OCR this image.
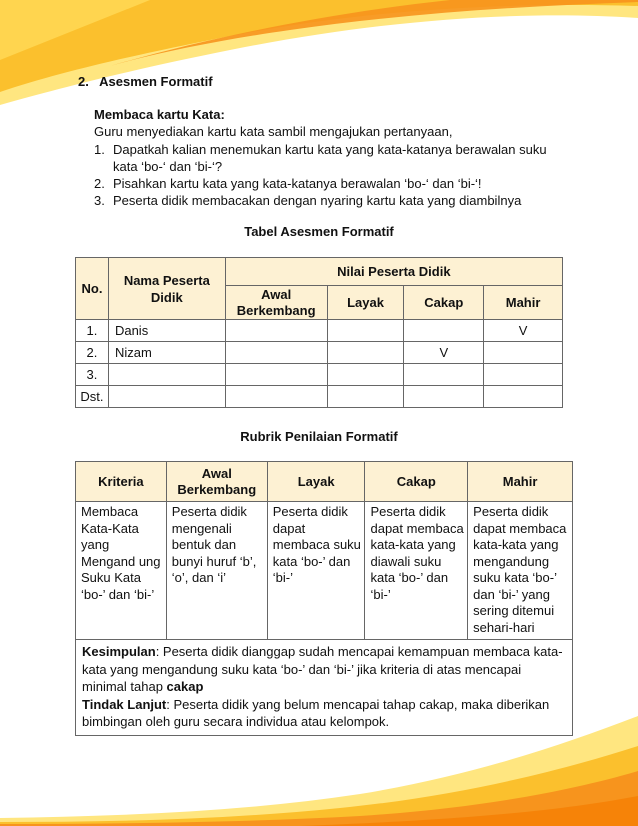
2. Asesmen Formatif
Membaca kartu Kata:
Guru menyediakan kartu kata sambil mengajukan pertanyaan,
1. Dapatkah kalian menemukan kartu kata yang kata-katanya berawalan suku kata ‘bo-‘ dan ‘bi-‘?
2. Pisahkan kartu kata yang kata-katanya berawalan ‘bo-‘ dan ‘bi-‘!
3. Peserta didik membacakan dengan nyaring kartu kata yang diambilnya
Tabel Asesmen Formatif
No.	Nama Peserta Didik	Nilai Peserta Didik			
		Awal Berkembang	Layak	Cakap	Mahir
1.	Danis				V
2.	Nizam			V	
3.					
Dst.					
Rubrik Penilaian Formatif
Kriteria	Awal Berkembang	Layak	Cakap	Mahir
Membaca Kata-Kata yang Mengand ung Suku Kata ‘bo-’ dan ‘bi-’	Peserta didik mengenali bentuk dan bunyi huruf ‘b’, ‘o’, dan ‘i’	Peserta didik dapat membaca suku kata ‘bo-’ dan ‘bi-’	Peserta didik dapat membaca kata-kata yang diawali suku kata ‘bo-’ dan ‘bi-’	Peserta didik dapat membaca kata-kata yang mengandung suku kata ‘bo-’ dan ‘bi-’ yang sering ditemui sehari-hari
Kesimpulan: Peserta didik dianggap sudah mencapai kemampuan membaca kata-kata yang mengandung suku kata ‘bo-’ dan ‘bi-’ jika kriteria di atas mencapai minimal tahap cakap
Tindak Lanjut: Peserta didik yang belum mencapai tahap cakap, maka diberikan bimbingan oleh guru secara individua atau kelompok.				
